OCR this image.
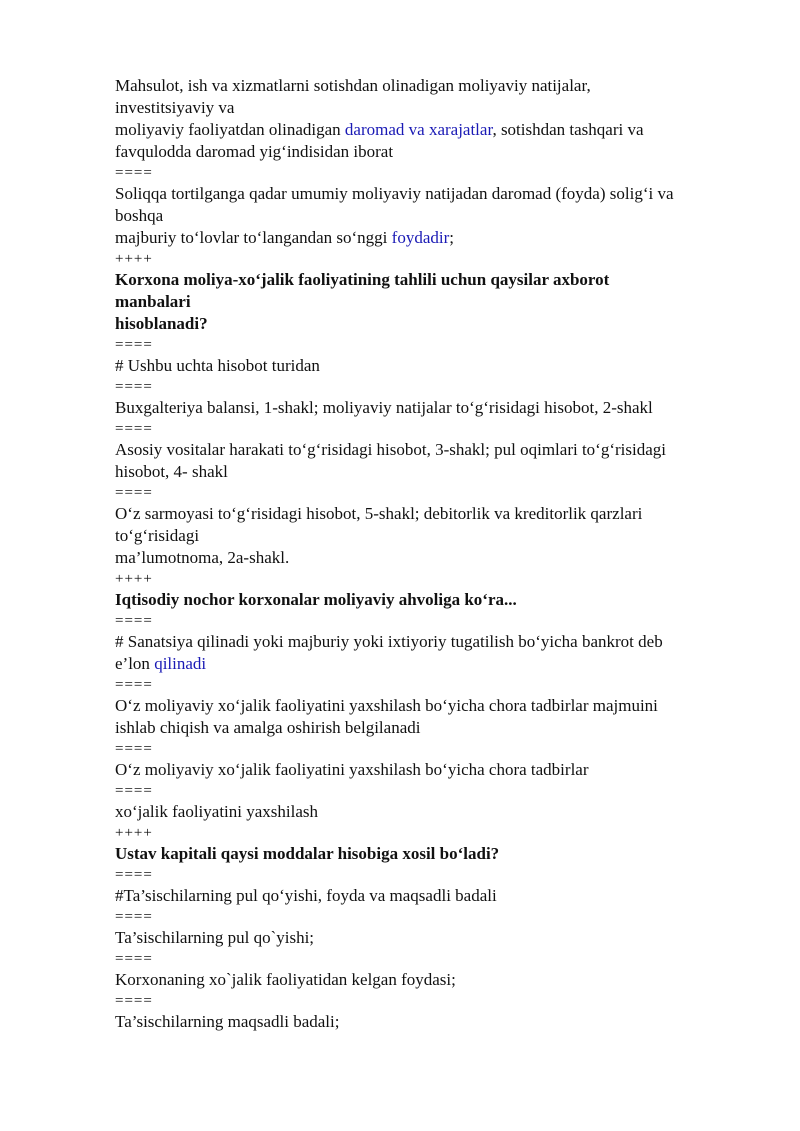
Mahsulot, ish va xizmatlarni sotishdan olinadigan moliyaviy natijalar,
investitsiyaviy va
moliyaviy faoliyatdan olinadigan daromad va xarajatlar, sotishdan tashqari va
favqulodda daromad yig‘indisidan iborat
====
Soliqqa tortilganga qadar umumiy moliyaviy natijadan daromad (foyda) solig‘i va
boshqa
majburiy to‘lovlar to‘langandan so‘nggi foydadir;
++++
Korxona moliya-xo‘jalik faoliyatining tahlili uchun qaysilar axborot
manbalari
hisoblanadi?
====
# Ushbu uchta hisobot turidan
====
Buxgalteriya balansi, 1-shakl; moliyaviy natijalar to‘g‘risidagi hisobot, 2-shakl
====
Asosiy vositalar harakati to‘g‘risidagi hisobot, 3-shakl; pul oqimlari to‘g‘risidagi
hisobot, 4- shakl
====
O‘z sarmoyasi to‘g‘risidagi hisobot, 5-shakl; debitorlik va kreditorlik qarzlari
to‘g‘risidagi
ma’lumotnoma, 2a-shakl.
++++
Iqtisodiy nochor korxonalar moliyaviy ahvoliga ko‘ra...
====
# Sanatsiya qilinadi yoki majburiy yoki ixtiyoriy tugatilish bo‘yicha bankrot deb
e’lon qilinadi
====
O‘z moliyaviy xo‘jalik faoliyatini yaxshilash bo‘yicha chora tadbirlar majmuini
ishlab chiqish va amalga oshirish belgilanadi
====
O‘z moliyaviy xo‘jalik faoliyatini yaxshilash bo‘yicha chora tadbirlar
====
xo‘jalik faoliyatini yaxshilash
++++
Ustav kapitali qaysi moddalar hisobiga xosil bo‘ladi?
====
#Ta’sischilarning pul qo‘yishi, foyda va maqsadli badali
====
Ta’sischilarning pul qo`yishi;
====
Korxonaning xo`jalik faoliyatidan kelgan foydasi;
====
Ta’sischilarning maqsadli badali;
